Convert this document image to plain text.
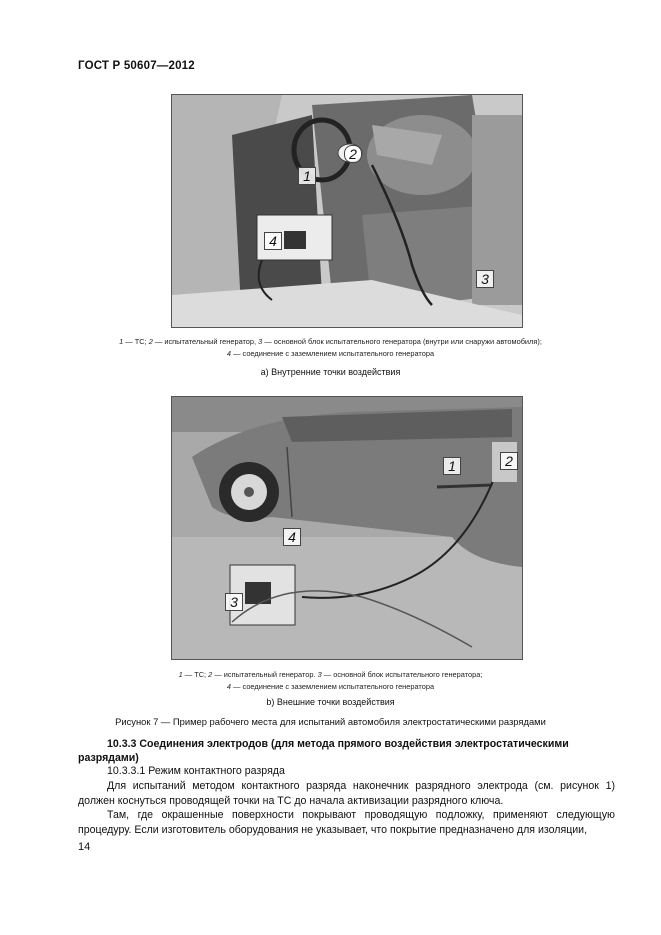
ГОСТ Р 50607—2012
1
2
3
4
1 — ТС; 2 — испытательный генератор, 3 — основной блок испытательного генератора (внутри или снаружи автомобиля);
4 — соединение с заземлением испытательного генератора
a) Внутренние точки воздействия
1	2
3
4
1 — ТС; 2 — испытательный генератор. 3 — основной блок испытательного генератора;
4 — соединение с заземлением испытательного генератора
b) Внешние точки воздействия
Рисунок 7 — Пример рабочего места для испытаний автомобиля электростатическими разрядами
10.3.3 Соединения электродов (для метода прямого воздействия электростатическими разрядами)
10.3.3.1 Режим контактного разряда
Для испытаний методом контактного разряда наконечник разрядного электрода (см. рисунок 1) должен коснуться проводящей точки на ТС до начала активизации разрядного ключа.
Там, где окрашенные поверхности покрывают проводящую подложку, применяют следующую процедуру. Если изготовитель оборудования не указывает, что покрытие предназначено для изоляции,
14
